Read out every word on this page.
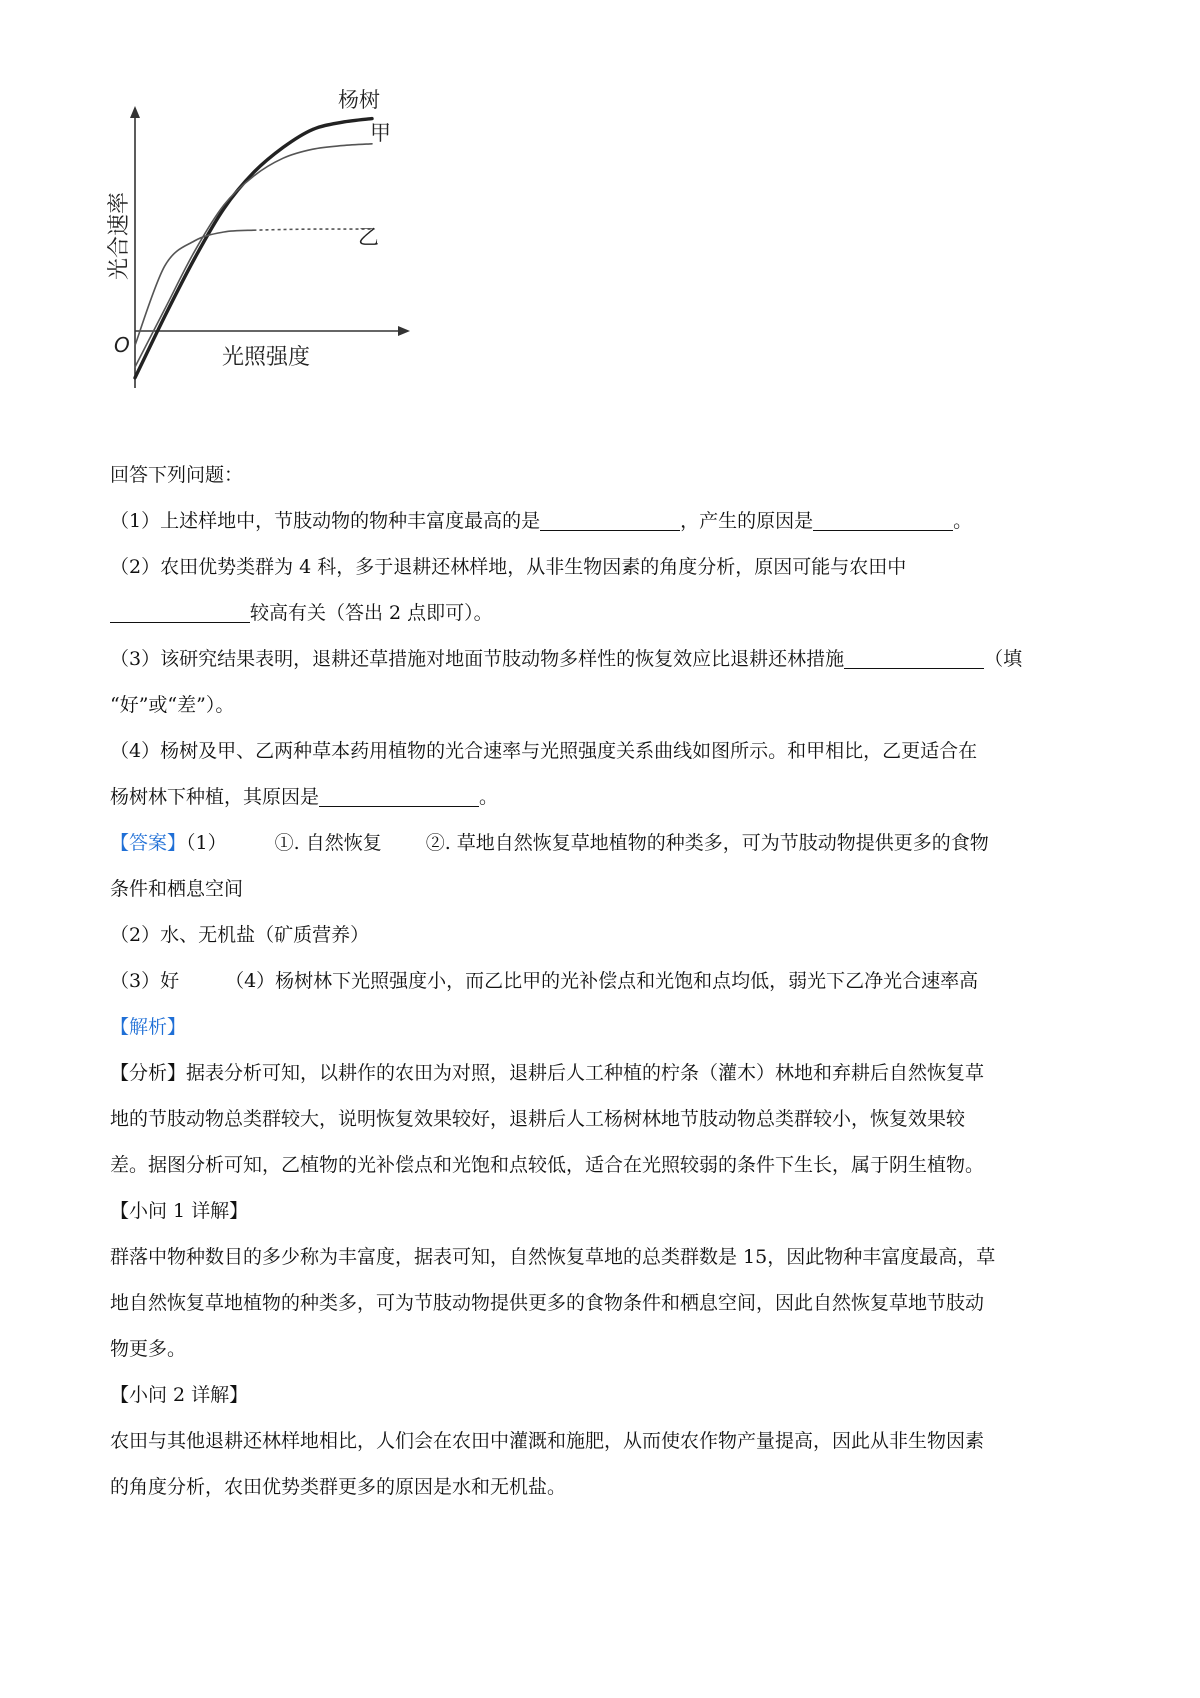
O	光照强度
光合速率
杨树
甲
乙
回答下列问题：
（1）上述样地中，节肢动物的物种丰富度最高的是	，产生的原因是	。
（2）农田优势类群为 4 科，多于退耕还林样地，从非生物因素的角度分析，原因可能与农田中
较高有关（答出 2 点即可）。
（3）该研究结果表明，退耕还草措施对地面节肢动物多样性的恢复效应比退耕还林措施	（填
“好”或“差”）。
（4）杨树及甲、乙两种草本药用植物的光合速率与光照强度关系曲线如图所示。和甲相比，乙更适合在
杨树林下种植，其原因是	。
【答案】（1）	①. 自然恢复 ②. 草地自然恢复草地植物的种类多，可为节肢动物提供更多的食物
条件和栖息空间
（2）水、无机盐（矿质营养）
（3）好 （4）杨树林下光照强度小，而乙比甲的光补偿点和光饱和点均低，弱光下乙净光合速率高
【解析】
【分析】据表分析可知，以耕作的农田为对照，退耕后人工种植的柠条（灌木）林地和弃耕后自然恢复草
地的节肢动物总类群较大，说明恢复效果较好，退耕后人工杨树林地节肢动物总类群较小，恢复效果较
差。据图分析可知，乙植物的光补偿点和光饱和点较低，适合在光照较弱的条件下生长，属于阴生植物。
【小问 1 详解】
群落中物种数目的多少称为丰富度，据表可知，自然恢复草地的总类群数是 15，因此物种丰富度最高，草
地自然恢复草地植物的种类多，可为节肢动物提供更多的食物条件和栖息空间，因此自然恢复草地节肢动
物更多。
【小问 2 详解】
农田与其他退耕还林样地相比，人们会在农田中灌溉和施肥，从而使农作物产量提高，因此从非生物因素
的角度分析，农田优势类群更多的原因是水和无机盐。
